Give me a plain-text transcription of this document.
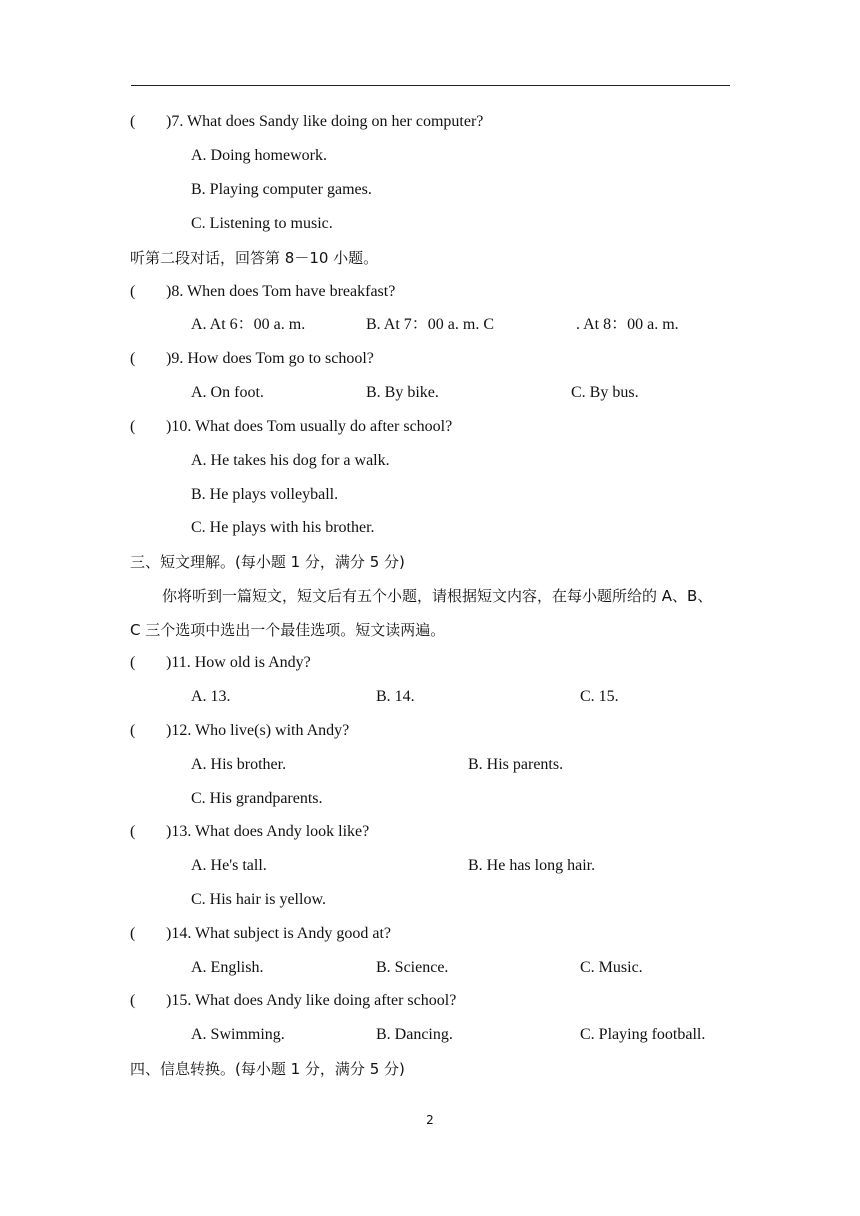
( )7. What does Sandy like doing on her computer?
A. Doing homework.
B. Playing computer games.
C. Listening to music.
听第二段对话，回答第 8－10 小题。
( )8. When does Tom have breakfast?
A. At 6：00 a. m.	B. At 7：00 a. m. C	. At 8：00 a. m.
( )9. How does Tom go to school?
A. On foot.	B. By bike.	C. By bus.
( )10. What does Tom usually do after school?
A. He takes his dog for a walk.
B. He plays volleyball.
C. He plays with his brother.
三、短文理解。(每小题 1 分，满分 5 分)
你将听到一篇短文，短文后有五个小题，请根据短文内容，在每小题所给的 A、B、
C 三个选项中选出一个最佳选项。短文读两遍。
( )11. How old is Andy?
A. 13.	B. 14.	C. 15.
( )12. Who live(s) with Andy?
A. His brother.	B. His parents.
C. His grandparents.
( )13. What does Andy look like?
A. He's tall.	B. He has long hair.
C. His hair is yellow.
( )14. What subject is Andy good at?
A. English.	B. Science.	C. Music.
( )15. What does Andy like doing after school?
A. Swimming.	B. Dancing.	C. Playing football.
四、信息转换。(每小题 1 分，满分 5 分)
2
